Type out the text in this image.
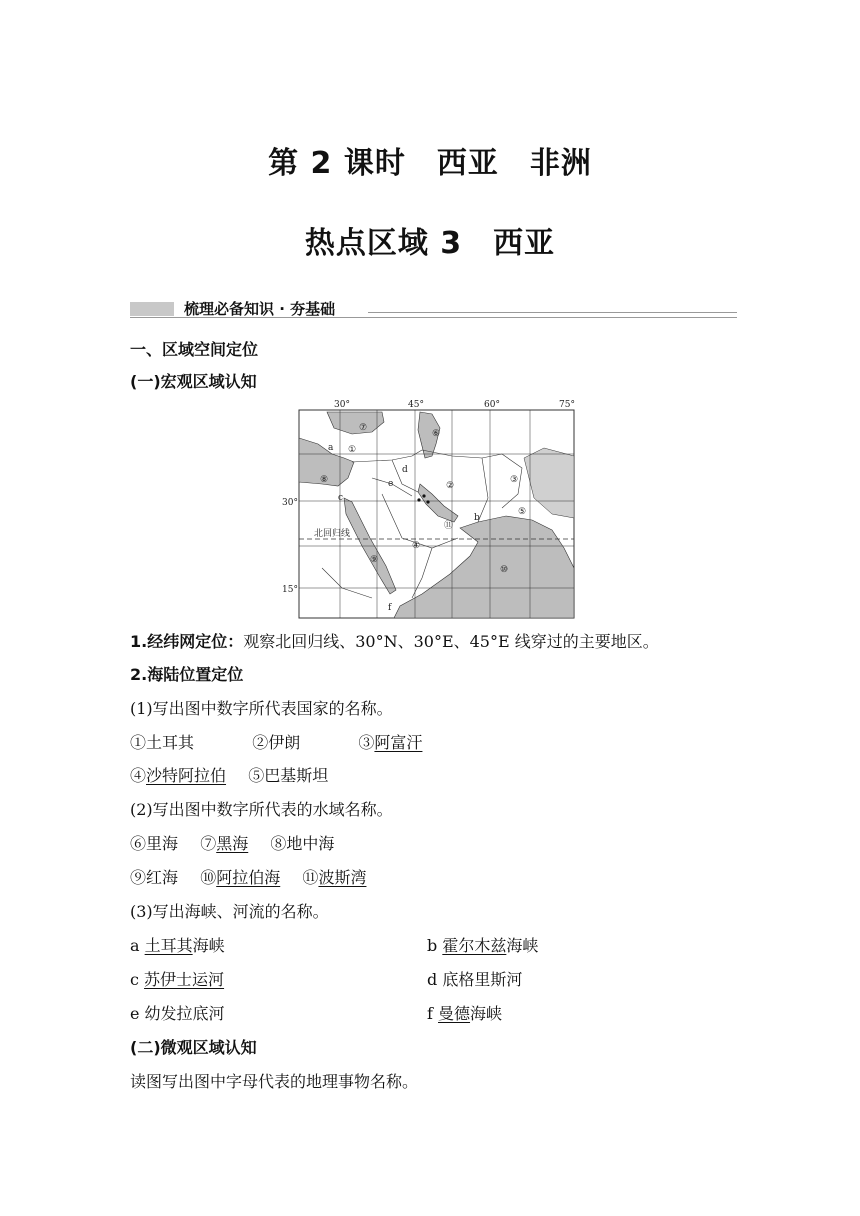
第 2 课时　西亚　非洲
热点区域 3　西亚
梳理必备知识 · 夯基础
一、区域空间定位
(一)宏观区域认知
30°	45°	60°	75°
30°
15°
北回归线
⑦
⑥
①
⑧
②
③
⑤
⑪
④
⑨
⑩
a
d
e
c
b
f
1.经纬网定位：观察北回归线、30°N、30°E、45°E 线穿过的主要地区。
2.海陆位置定位
(1)写出图中数字所代表国家的名称。
①土耳其	②伊朗	③阿富汗
④沙特阿拉伯 ⑤巴基斯坦
(2)写出图中数字所代表的水域名称。
⑥里海 ⑦黑海 ⑧地中海
⑨红海 ⑩阿拉伯海 ⑪波斯湾
(3)写出海峡、河流的名称。
a 土耳其海峡	b 霍尔木兹海峡
c 苏伊士运河	d 底格里斯河
e 幼发拉底河	f 曼德海峡
(二)微观区域认知
读图写出图中字母代表的地理事物名称。
